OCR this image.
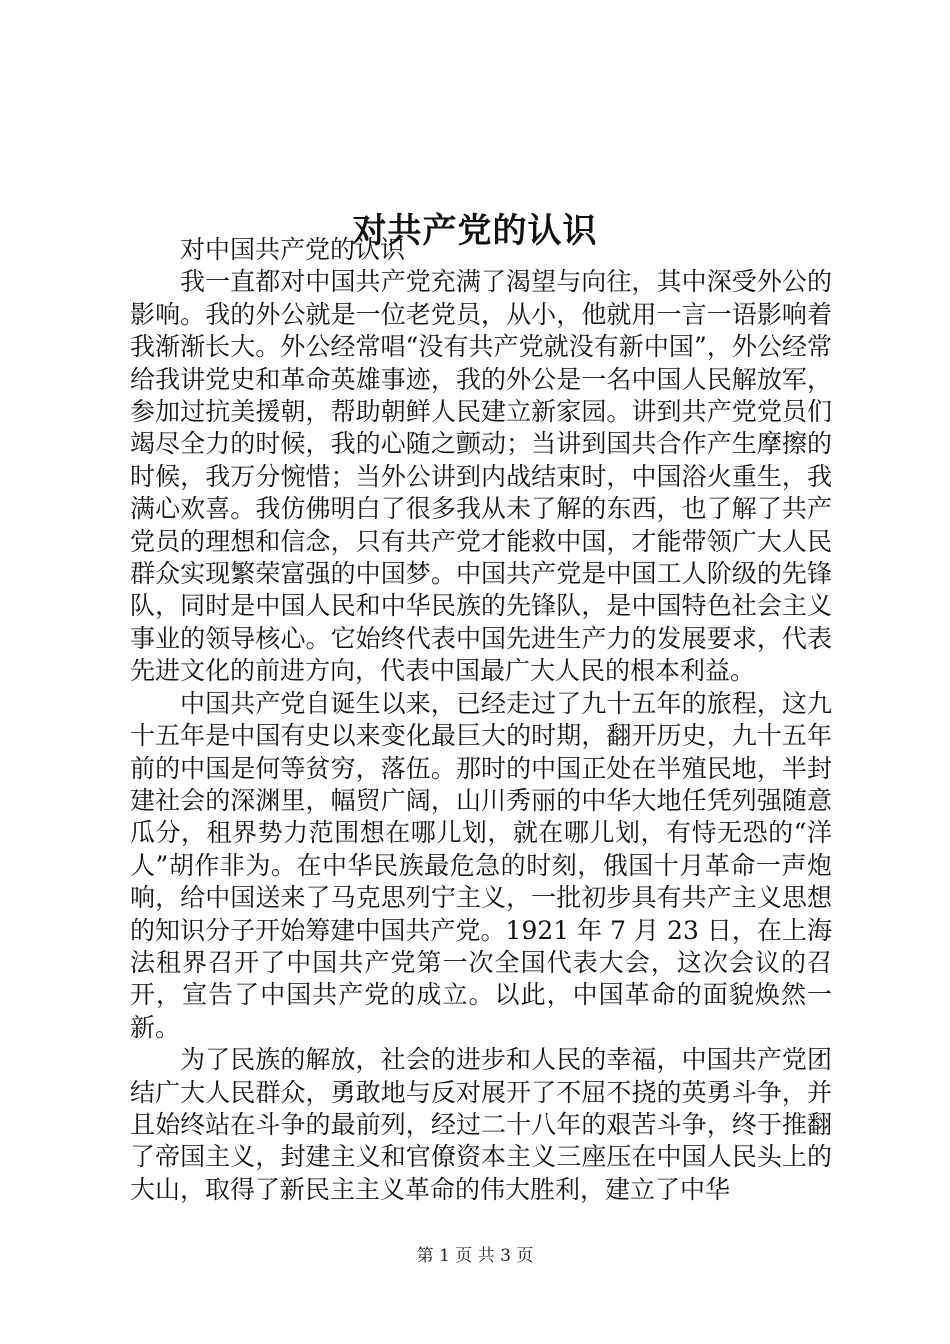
对共产党的认识

对中国共产党的认识

我一直都对中国共产党充满了渴望与向往，其中深受外公的影响。我的外公就是一位老党员，从小，他就用一言一语影响着我渐渐长大。外公经常唱“没有共产党就没有新中国”，外公经常给我讲党史和革命英雄事迹，我的外公是一名中国人民解放军，参加过抗美援朝，帮助朝鲜人民建立新家园。讲到共产党党员们竭尽全力的时候，我的心随之颤动；当讲到国共合作产生摩擦的时候，我万分惋惜；当外公讲到内战结束时，中国浴火重生，我满心欢喜。我仿佛明白了很多我从未了解的东西，也了解了共产党员的理想和信念，只有共产党才能救中国，才能带领广大人民群众实现繁荣富强的中国梦。中国共产党是中国工人阶级的先锋队，同时是中国人民和中华民族的先锋队，是中国特色社会主义事业的领导核心。它始终代表中国先进生产力的发展要求，代表先进文化的前进方向，代表中国最广大人民的根本利益。

中国共产党自诞生以来，已经走过了九十五年的旅程，这九十五年是中国有史以来变化最巨大的时期，翻开历史，九十五年前的中国是何等贫穷，落伍。那时的中国正处在半殖民地，半封建社会的深渊里，幅贸广阔，山川秀丽的中华大地任凭列强随意瓜分，租界势力范围想在哪儿划，就在哪儿划，有恃无恐的“洋人”胡作非为。在中华民族最危急的时刻，俄国十月革命一声炮响，给中国送来了马克思列宁主义，一批初步具有共产主义思想的知识分子开始筹建中国共产党。1921 年 7 月 23 日，在上海法租界召开了中国共产党第一次全国代表大会，这次会议的召开，宣告了中国共产党的成立。以此，中国革命的面貌焕然一新。

为了民族的解放，社会的进步和人民的幸福，中国共产党团结广大人民群众，勇敢地与反对展开了不屈不挠的英勇斗争，并且始终站在斗争的最前列，经过二十八年的艰苦斗争，终于推翻了帝国主义，封建主义和官僚资本主义三座压在中国人民头上的大山，取得了新民主主义革命的伟大胜利，建立了中华

第 1 页 共 3 页
